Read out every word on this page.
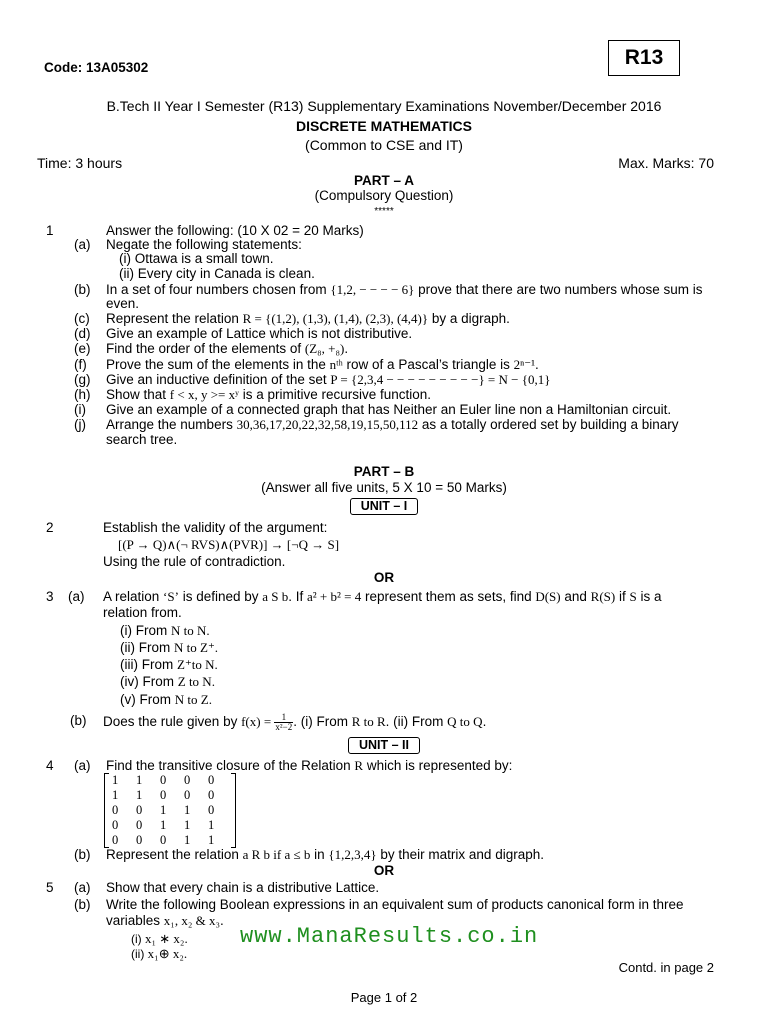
Code: 13A05302	R13
B.Tech II Year I Semester (R13) Supplementary Examinations November/December 2016
DISCRETE MATHEMATICS
(Common to CSE and IT)
Time: 3 hours	Max. Marks: 70
PART – A
(Compulsory Question)
*****
1	Answer the following: (10 X 02 = 20 Marks)
(a) Negate the following statements:
(i) Ottawa is a small town.
(ii) Every city in Canada is clean.
(b) In a set of four numbers chosen from {1,2, − − − − 6} prove that there are two numbers whose sum is
even.
(c) Represent the relation R = {(1,2), (1,3), (1,4), (2,3), (4,4)} by a digraph.
(d) Give an example of Lattice which is not distributive.
(e) Find the order of the elements of (Z₈, +₈).
(f) Prove the sum of the elements in the nᵗʰ row of a Pascal’s triangle is 2ⁿ⁻¹.
(g) Give an inductive definition of the set P = {2,3,4 − − − − − − − − −} = N − {0,1}
(h) Show that f < x, y >= xʸ is a primitive recursive function.
(i) Give an example of a connected graph that has Neither an Euler line non a Hamiltonian circuit.
(j) Arrange the numbers 30,36,17,20,22,32,58,19,15,50,112 as a totally ordered set by building a binary
search tree.
PART – B
(Answer all five units, 5 X 10 = 50 Marks)
UNIT – I
2	Establish the validity of the argument:
[(P → Q)∧(¬ RVS)∧(PVR)] → [¬Q → S]
Using the rule of contradiction.
OR
3 (a) A relation ‘S’ is defined by a S b. If a² + b² = 4 represent them as sets, find D(S) and R(S) if S is a
relation from.
(i) From N to N.
(ii) From N to Z⁺.
(iii) From Z⁺to N.
(iv) From Z to N.
(v) From N to Z.
(b) Does the rule given by $f(x) = \frac{1}{\text{x²−2}}$ . (i) From R to R. (ii) From Q to Q.
UNIT – II
4 (a) Find the transitive closure of the Relation R which is represented by:
1 1 0 0 0
1 1 0 0 0
0 0 1 1 0
0 0 1 1 1
0 0 0 1 1
(b) Represent the relation a R b if a ≤ b in {1,2,3,4} by their matrix and digraph.
OR
5 (a) Show that every chain is a distributive Lattice.
(b) Write the following Boolean expressions in an equivalent sum of products canonical form in three
variables x₁, x₂ & x₃.
(i) x₁ ∗ x₂.
(ii) x₁⊕ x₂.
www.ManaResults.co.in
Contd. in page 2
Page 1 of 2
